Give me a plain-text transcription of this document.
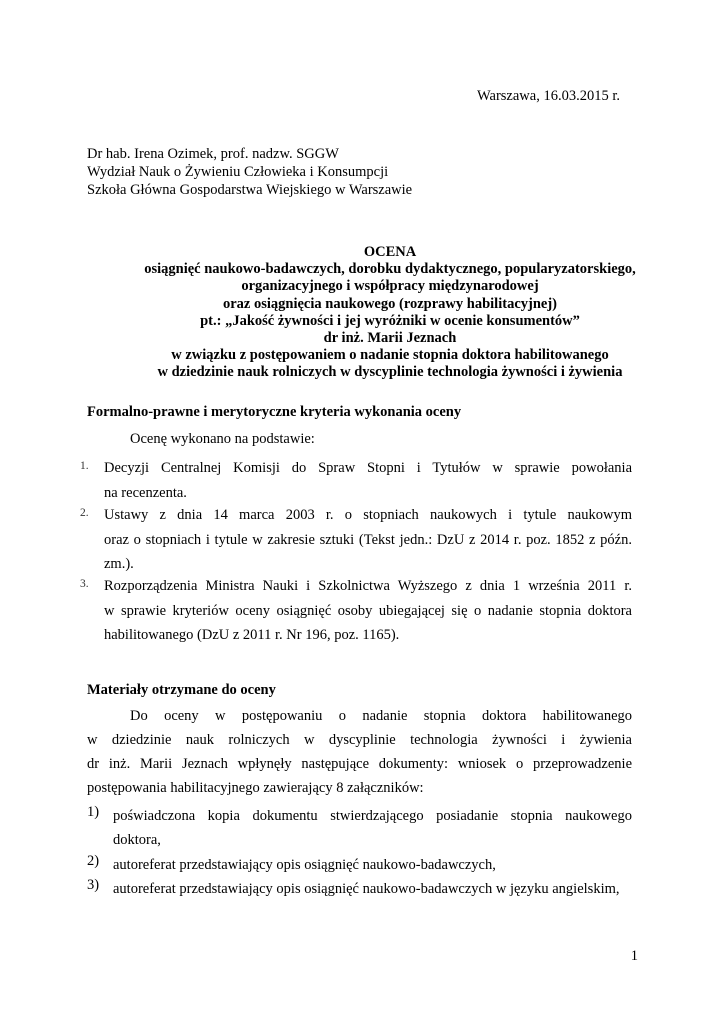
Warszawa, 16.03.2015 r.
Dr hab. Irena Ozimek, prof. nadzw. SGGW
Wydział Nauk o Żywieniu Człowieka i Konsumpcji
Szkoła Główna Gospodarstwa Wiejskiego w Warszawie
OCENA
osiągnięć naukowo-badawczych, dorobku dydaktycznego, popularyzatorskiego,
organizacyjnego i współpracy międzynarodowej
oraz osiągnięcia naukowego (rozprawy habilitacyjnej)
pt.: „Jakość żywności i jej wyróżniki w ocenie konsumentów”
dr inż. Marii Jeznach
w związku z postępowaniem o nadanie stopnia doktora habilitowanego
w dziedzinie nauk rolniczych w dyscyplinie technologia żywności i żywienia
Formalno-prawne i merytoryczne kryteria wykonania oceny
Ocenę wykonano na podstawie:
1. Decyzji Centralnej Komisji do Spraw Stopni i Tytułów w sprawie powołania
na recenzenta.
2. Ustawy z dnia 14 marca 2003 r. o stopniach naukowych i tytule naukowym
oraz o stopniach i tytule w zakresie sztuki (Tekst jedn.: DzU z 2014 r. poz. 1852 z późn.
zm.).
3. Rozporządzenia Ministra Nauki i Szkolnictwa Wyższego z dnia 1 września 2011 r.
w sprawie kryteriów oceny osiągnięć osoby ubiegającej się o nadanie stopnia doktora
habilitowanego (DzU z 2011 r. Nr 196, poz. 1165).
Materiały otrzymane do oceny
Do oceny w postępowaniu o nadanie stopnia doktora habilitowanego
w dziedzinie nauk rolniczych w dyscyplinie technologia żywności i żywienia
dr inż. Marii Jeznach wpłynęły następujące dokumenty: wniosek o przeprowadzenie
postępowania habilitacyjnego zawierający 8 załączników:
1) poświadczona kopia dokumentu stwierdzającego posiadanie stopnia naukowego
doktora,
2) autoreferat przedstawiający opis osiągnięć naukowo-badawczych,
3) autoreferat przedstawiający opis osiągnięć naukowo-badawczych w języku angielskim,
1
